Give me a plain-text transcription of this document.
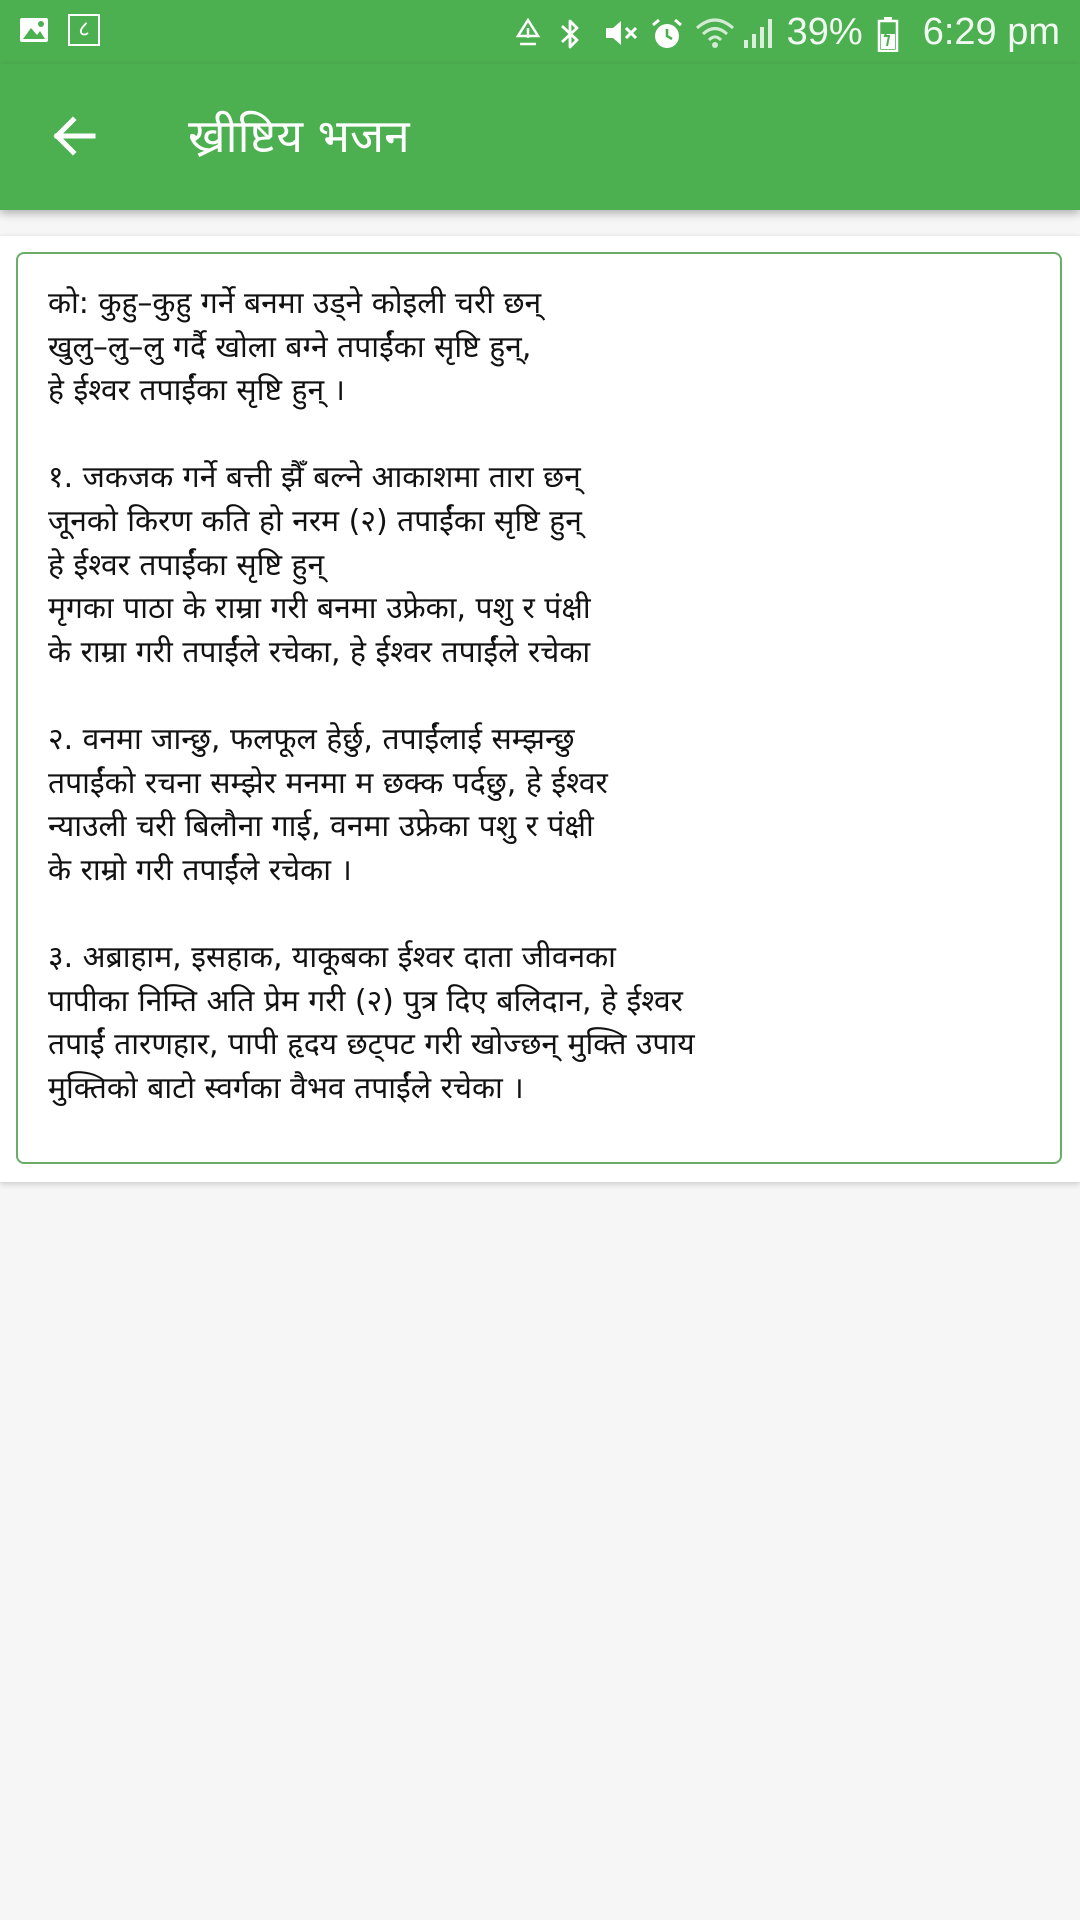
८	39% 6:29 pm
ख्रीष्टिय भजन
को: कुहु–कुहु गर्ने बनमा उड्ने कोइली चरी छन्
खुलु–लु–लु गर्दै खोला बग्ने तपाईंका सृष्टि हुन्,
हे ईश्वर तपाईंका सृष्टि हुन् ।
१. जकजक गर्ने बत्ती झैँ बल्ने आकाशमा तारा छन्
जूनको किरण कति हो नरम (२) तपाईंका सृष्टि हुन्
हे ईश्वर तपाईंका सृष्टि हुन्
मृगका पाठा के राम्रा गरी बनमा उफ्रेका, पशु र पंक्षी
के राम्रा गरी तपाईंले रचेका, हे ईश्वर तपाईंले रचेका
२. वनमा जान्छु, फलफूल हेर्छु, तपाईंलाई सम्झन्छु
तपाईंको रचना सम्झेर मनमा म छक्क पर्दछु, हे ईश्वर
न्याउली चरी बिलौना गाई, वनमा उफ्रेका पशु र पंक्षी
के राम्रो गरी तपाईंले रचेका ।
३. अब्राहाम, इसहाक, याकूबका ईश्वर दाता जीवनका
पापीका निम्ति अति प्रेम गरी (२) पुत्र दिए बलिदान, हे ईश्वर
तपाईं तारणहार, पापी हृदय छट्पट गरी खोज्छन् मुक्ति उपाय
मुक्तिको बाटो स्वर्गका वैभव तपाईंले रचेका ।
